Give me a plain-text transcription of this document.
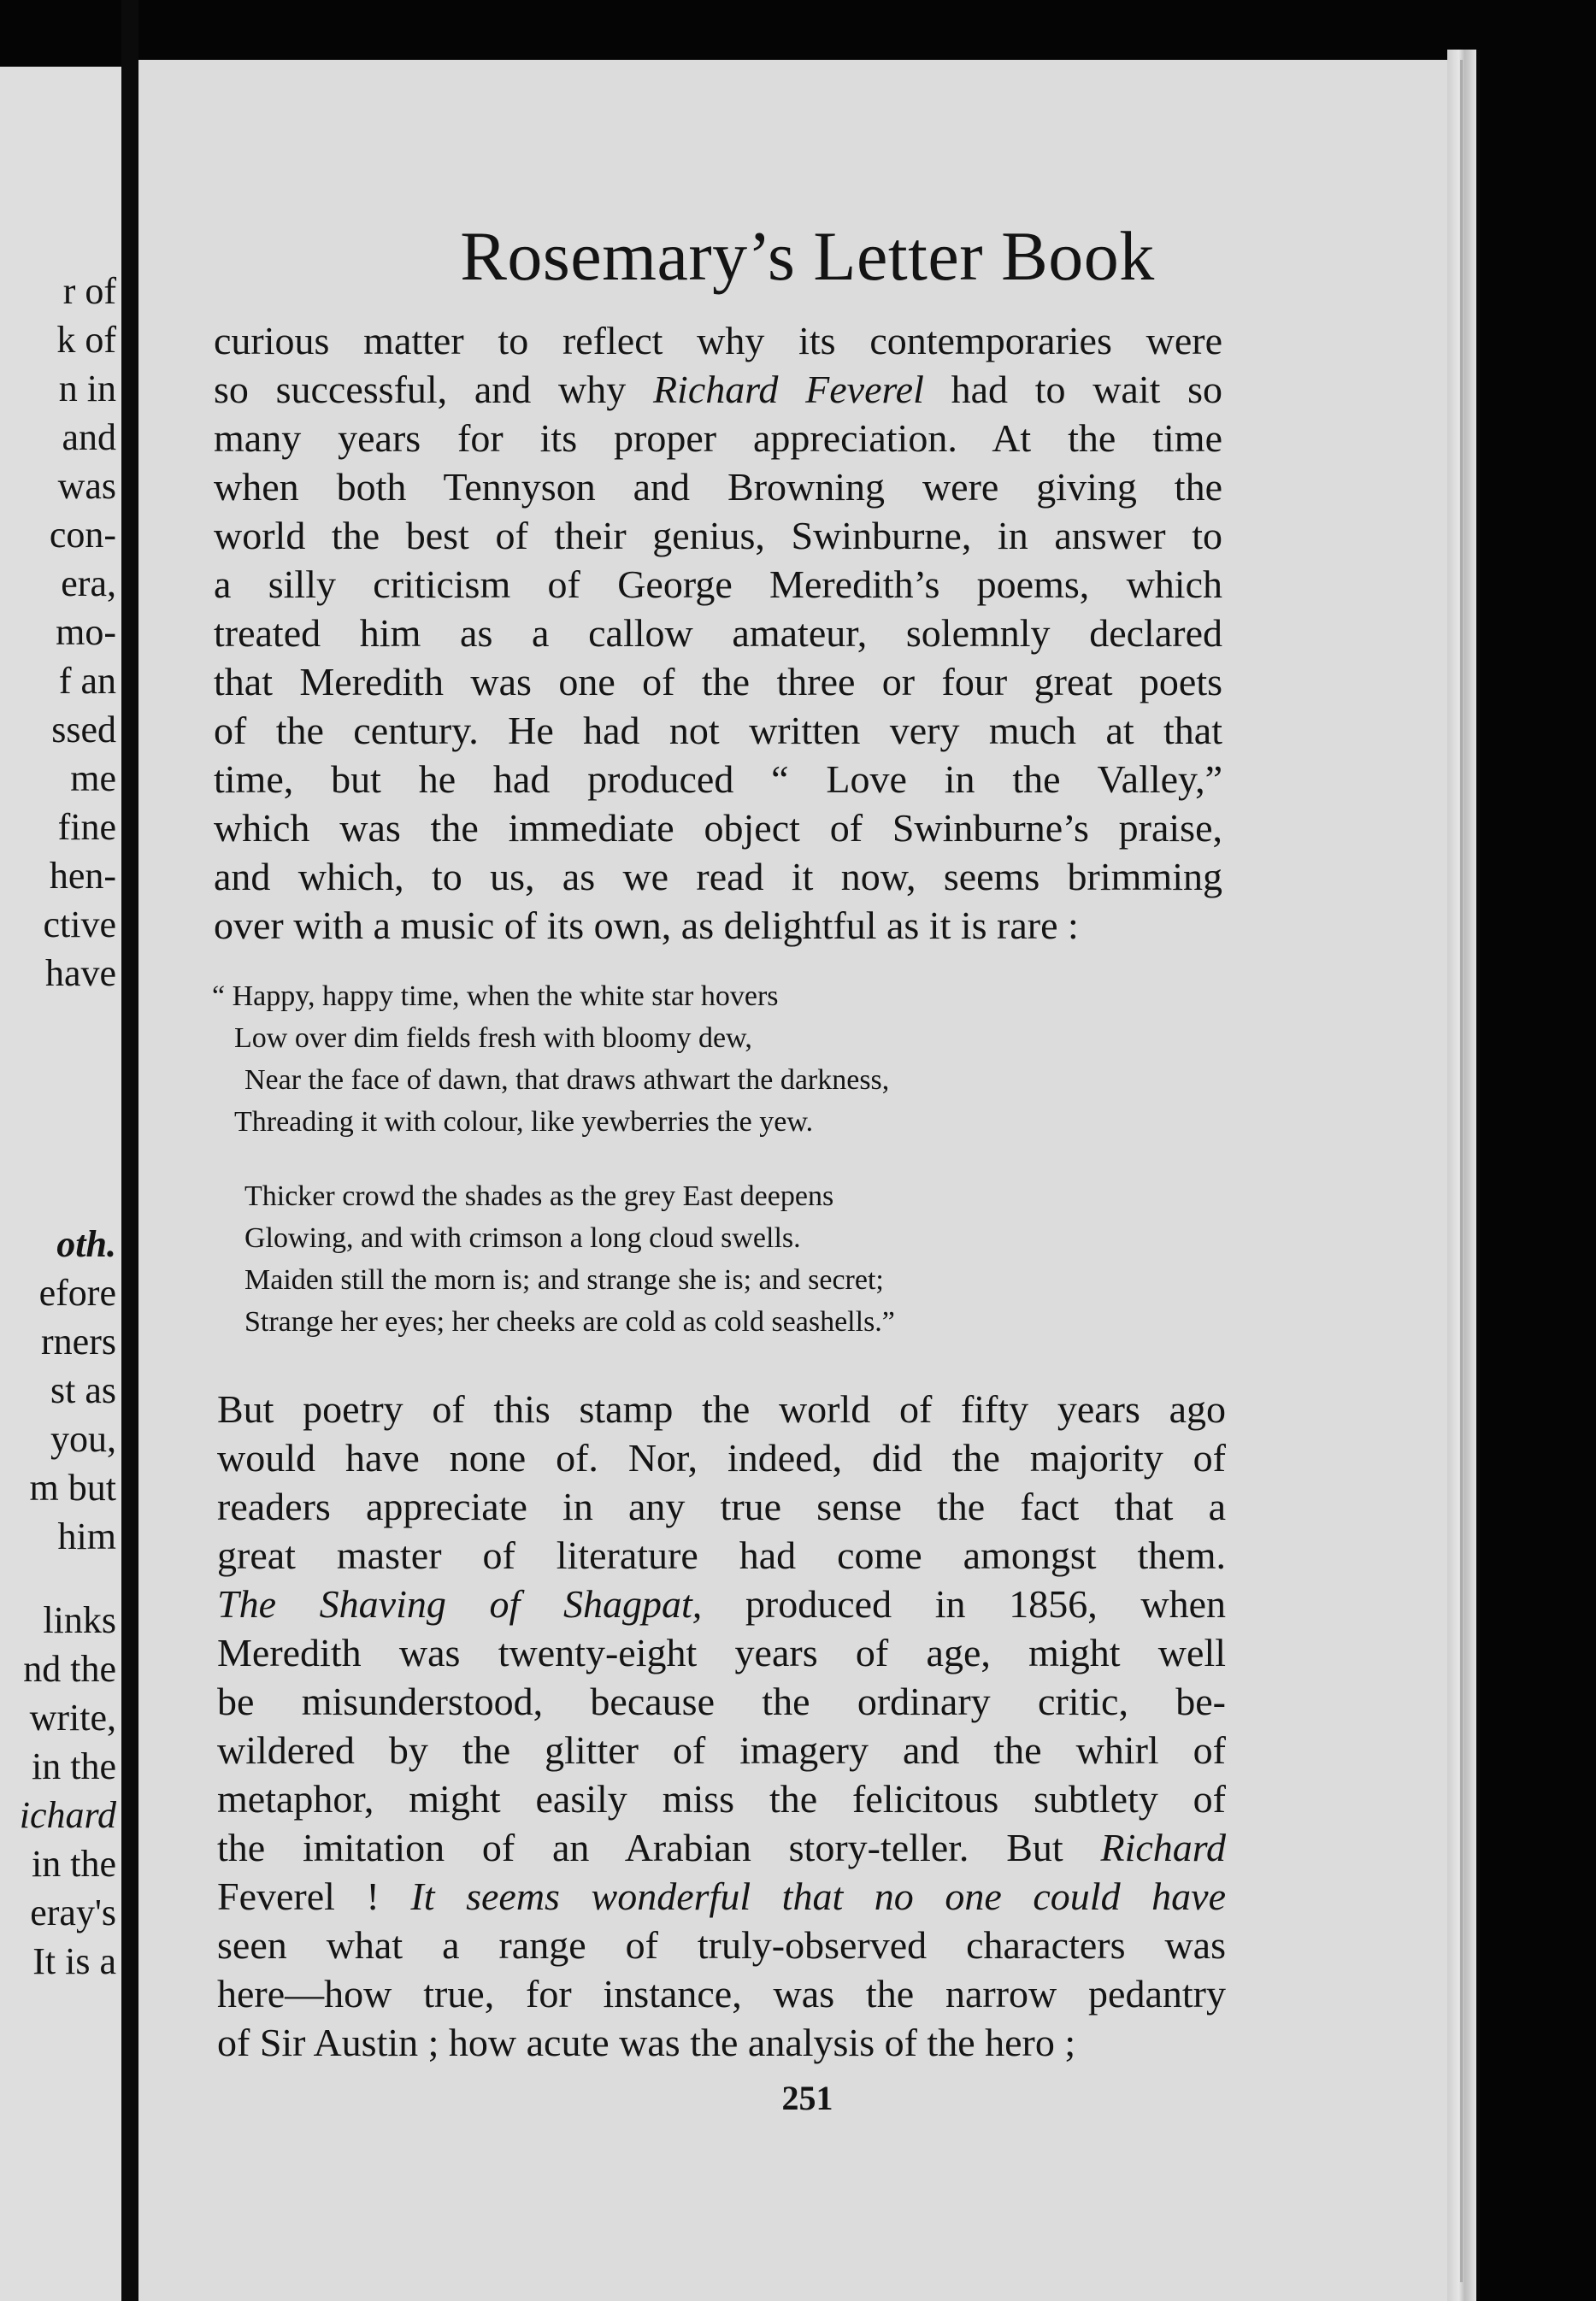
r of
k of
n in
and
was
con-
era,
mo-
f an
ssed
me
fine
hen-
ctive
have
oth.
efore
rners
st as
you,
m but
him
links
nd the
write,
in the
ichard
in the
eray's
It is a
Rosemary’s Letter Book
curious matter to reflect why its contemporaries were
so successful, and why Richard Feverel had to wait so
many years for its proper appreciation. At the time
when both Tennyson and Browning were giving the
world the best of their genius, Swinburne, in answer to
a silly criticism of George Meredith’s poems, which
treated him as a callow amateur, solemnly declared
that Meredith was one of the three or four great poets
of the century. He had not written very much at that
time, but he had produced “ Love in the Valley,”
which was the immediate object of Swinburne’s praise,
and which, to us, as we read it now, seems brimming
over with a music of its own, as delightful as it is rare :
“ Happy, happy time, when the white star hovers
Low over dim fields fresh with bloomy dew,
Near the face of dawn, that draws athwart the darkness,
Threading it with colour, like yewberries the yew.
Thicker crowd the shades as the grey East deepens
Glowing, and with crimson a long cloud swells.
Maiden still the morn is; and strange she is; and secret;
Strange her eyes; her cheeks are cold as cold seashells.”
But poetry of this stamp the world of fifty years ago
would have none of. Nor, indeed, did the majority of
readers appreciate in any true sense the fact that a
great master of literature had come amongst them.
The Shaving of Shagpat, produced in 1856, when
Meredith was twenty-eight years of age, might well
be misunderstood, because the ordinary critic, be-
wildered by the glitter of imagery and the whirl of
metaphor, might easily miss the felicitous subtlety of
the imitation of an Arabian story-teller. But Richard
Feverel ! It seems wonderful that no one could have
seen what a range of truly-observed characters was
here—how true, for instance, was the narrow pedantry
of Sir Austin ; how acute was the analysis of the hero ;
251
